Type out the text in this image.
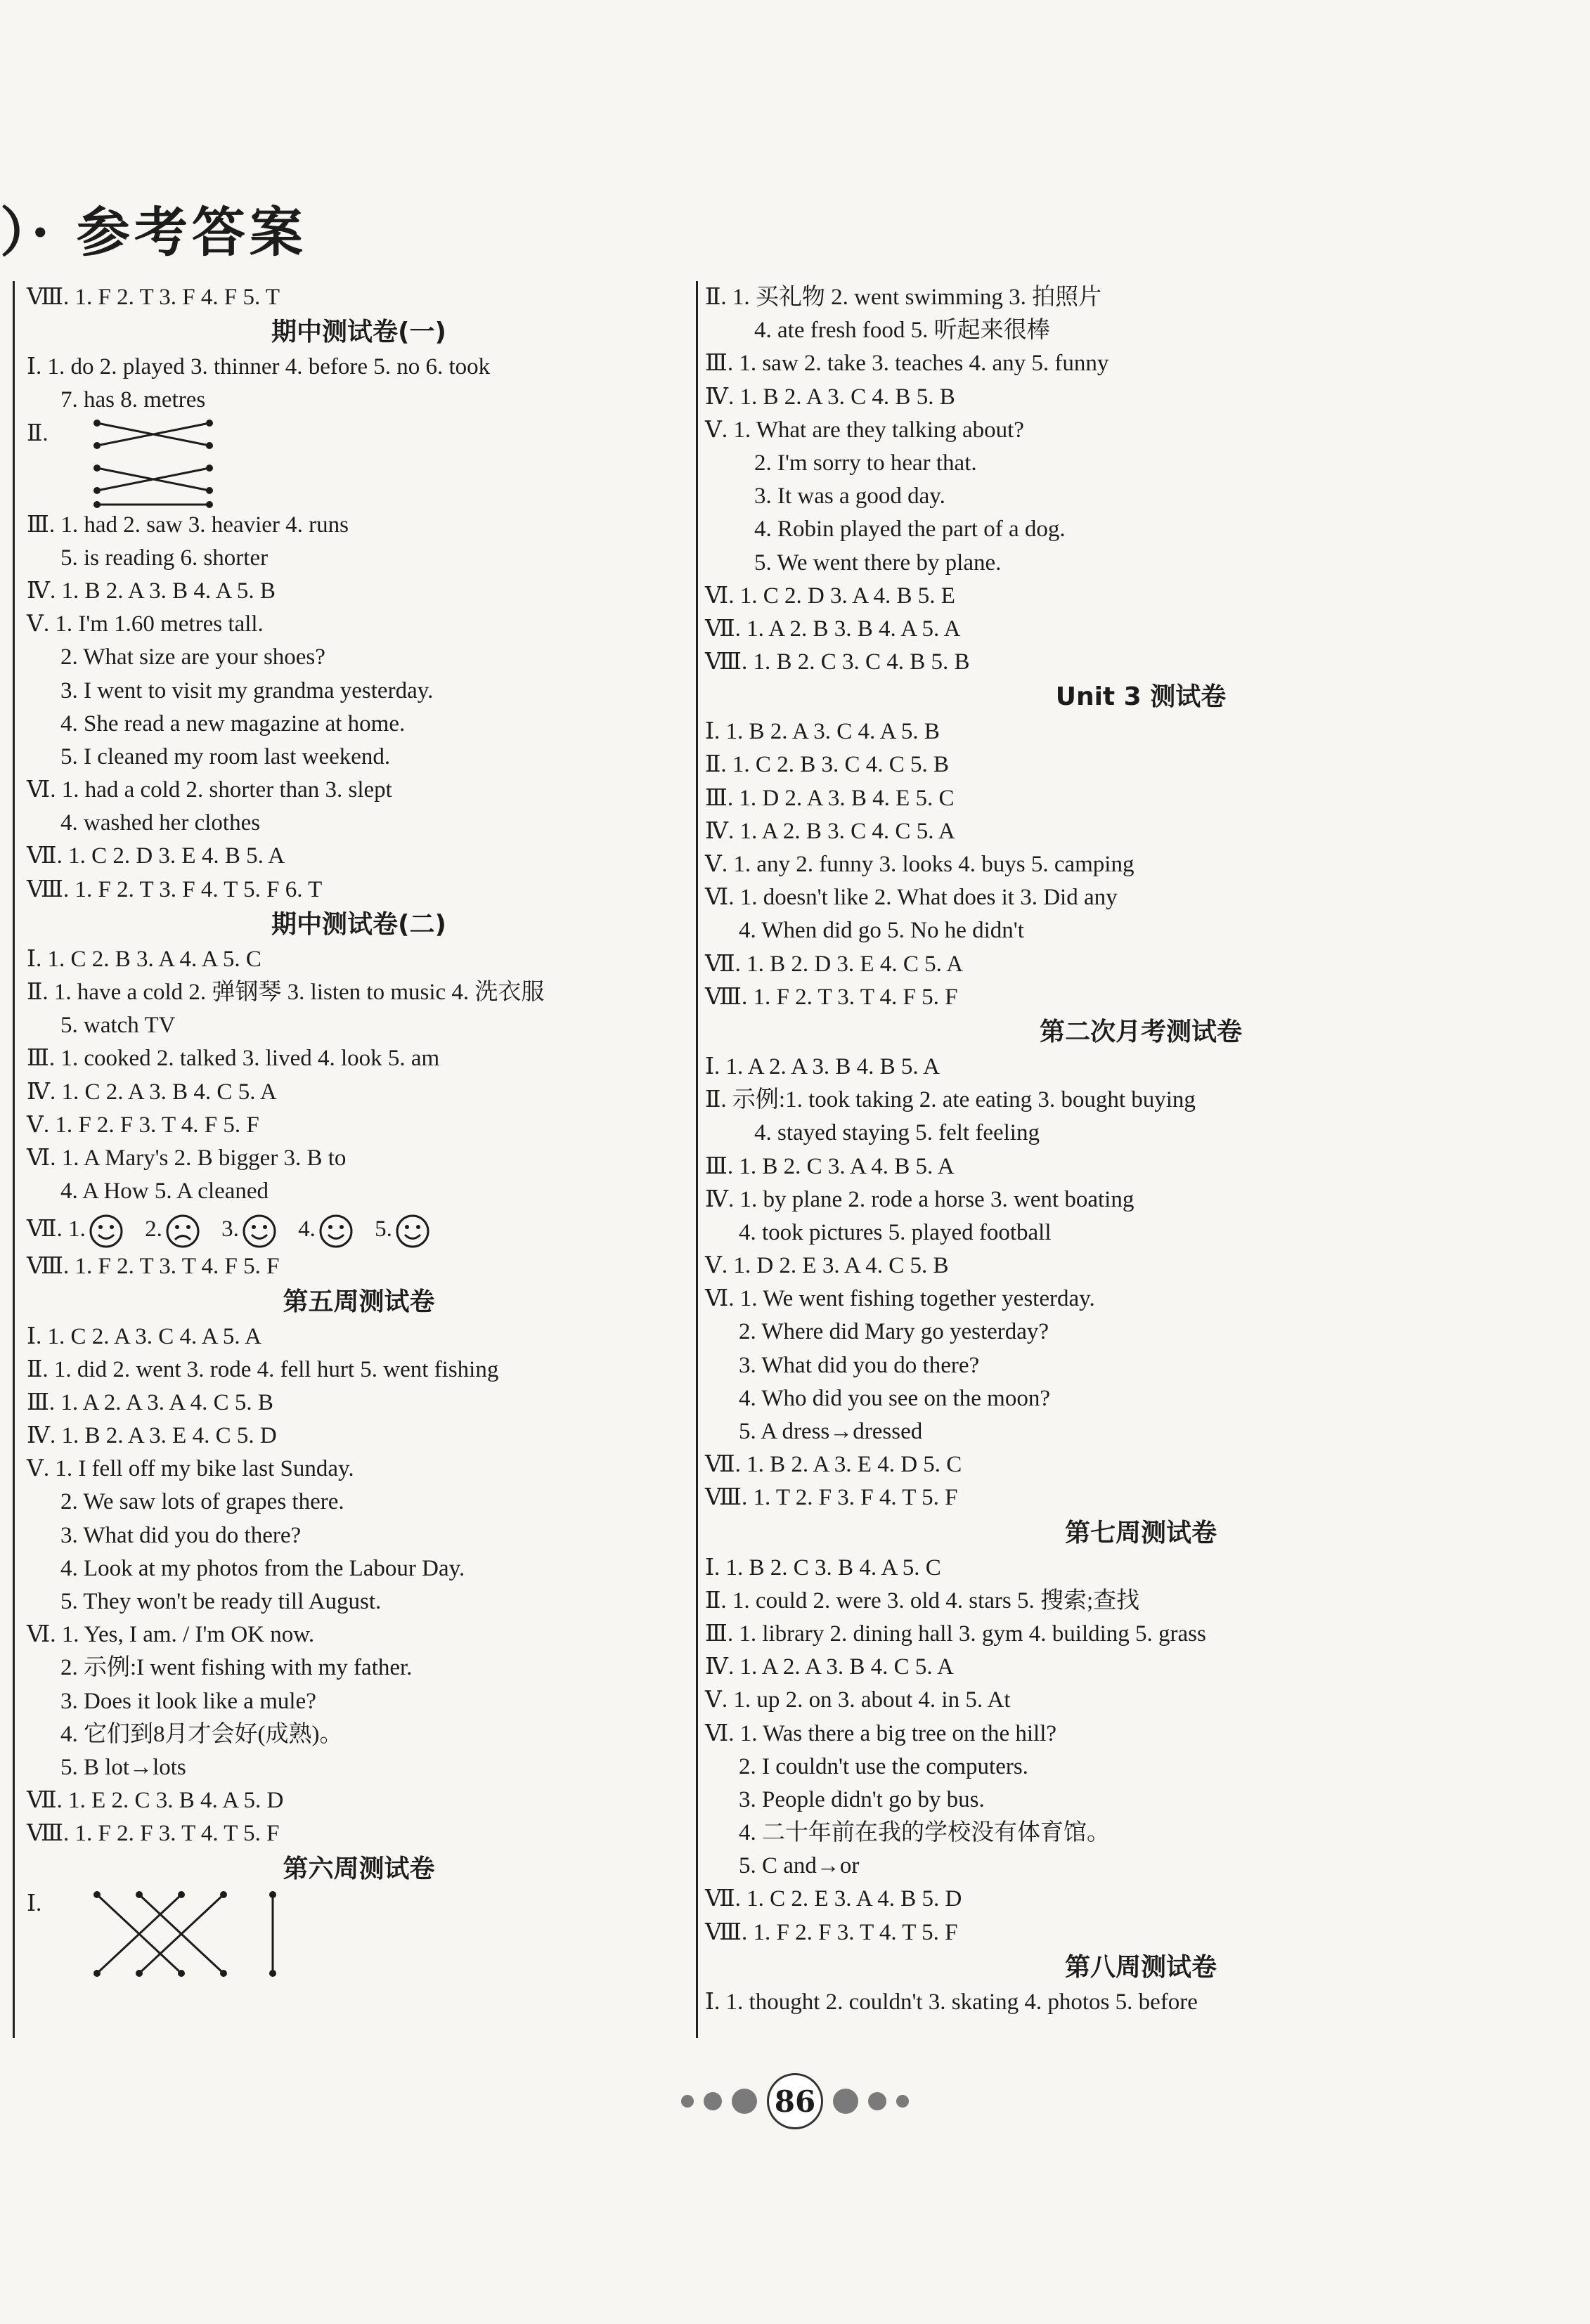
）· 参考答案
Ⅷ. 1. F 2. T 3. F 4. F 5. T
期中测试卷(一)
Ⅰ. 1. do 2. played 3. thinner 4. before 5. no 6. took
7. has 8. metres
Ⅱ.
Ⅲ. 1. had 2. saw 3. heavier 4. runs
5. is reading 6. shorter
Ⅳ. 1. B 2. A 3. B 4. A 5. B
Ⅴ. 1. I'm 1.60 metres tall.
2. What size are your shoes?
3. I went to visit my grandma yesterday.
4. She read a new magazine at home.
5. I cleaned my room last weekend.
Ⅵ. 1. had a cold 2. shorter than 3. slept
4. washed her clothes
Ⅶ. 1. C 2. D 3. E 4. B 5. A
Ⅷ. 1. F 2. T 3. F 4. T 5. F 6. T
期中测试卷(二)
Ⅰ. 1. C 2. B 3. A 4. A 5. C
Ⅱ. 1. have a cold 2. 弹钢琴 3. listen to music 4. 洗衣服
5. watch TV
Ⅲ. 1. cooked 2. talked 3. lived 4. look 5. am
Ⅳ. 1. C 2. A 3. B 4. C 5. A
Ⅴ. 1. F 2. F 3. T 4. F 5. F
Ⅵ. 1. A Mary's 2. B bigger 3. B to
4. A How 5. A cleaned
Ⅶ. 1.	2.	3.	4.	5.
Ⅷ. 1. F 2. T 3. T 4. F 5. F
第五周测试卷
Ⅰ. 1. C 2. A 3. C 4. A 5. A
Ⅱ. 1. did 2. went 3. rode 4. fell hurt 5. went fishing
Ⅲ. 1. A 2. A 3. A 4. C 5. B
Ⅳ. 1. B 2. A 3. E 4. C 5. D
Ⅴ. 1. I fell off my bike last Sunday.
2. We saw lots of grapes there.
3. What did you do there?
4. Look at my photos from the Labour Day.
5. They won't be ready till August.
Ⅵ. 1. Yes, I am. / I'm OK now.
2. 示例:I went fishing with my father.
3. Does it look like a mule?
4. 它们到8月才会好(成熟)。
5. B lot→lots
Ⅶ. 1. E 2. C 3. B 4. A 5. D
Ⅷ. 1. F 2. F 3. T 4. T 5. F
第六周测试卷
Ⅰ.
Ⅱ. 1. 买礼物 2. went swimming 3. 拍照片
4. ate fresh food 5. 听起来很棒
Ⅲ. 1. saw 2. take 3. teaches 4. any 5. funny
Ⅳ. 1. B 2. A 3. C 4. B 5. B
Ⅴ. 1. What are they talking about?
2. I'm sorry to hear that.
3. It was a good day.
4. Robin played the part of a dog.
5. We went there by plane.
Ⅵ. 1. C 2. D 3. A 4. B 5. E
Ⅶ. 1. A 2. B 3. B 4. A 5. A
Ⅷ. 1. B 2. C 3. C 4. B 5. B
Unit 3 测试卷
Ⅰ. 1. B 2. A 3. C 4. A 5. B
Ⅱ. 1. C 2. B 3. C 4. C 5. B
Ⅲ. 1. D 2. A 3. B 4. E 5. C
Ⅳ. 1. A 2. B 3. C 4. C 5. A
Ⅴ. 1. any 2. funny 3. looks 4. buys 5. camping
Ⅵ. 1. doesn't like 2. What does it 3. Did any
4. When did go 5. No he didn't
Ⅶ. 1. B 2. D 3. E 4. C 5. A
Ⅷ. 1. F 2. T 3. T 4. F 5. F
第二次月考测试卷
Ⅰ. 1. A 2. A 3. B 4. B 5. A
Ⅱ. 示例:1. took taking 2. ate eating 3. bought buying
4. stayed staying 5. felt feeling
Ⅲ. 1. B 2. C 3. A 4. B 5. A
Ⅳ. 1. by plane 2. rode a horse 3. went boating
4. took pictures 5. played football
Ⅴ. 1. D 2. E 3. A 4. C 5. B
Ⅵ. 1. We went fishing together yesterday.
2. Where did Mary go yesterday?
3. What did you do there?
4. Who did you see on the moon?
5. A dress→dressed
Ⅶ. 1. B 2. A 3. E 4. D 5. C
Ⅷ. 1. T 2. F 3. F 4. T 5. F
第七周测试卷
Ⅰ. 1. B 2. C 3. B 4. A 5. C
Ⅱ. 1. could 2. were 3. old 4. stars 5. 搜索;查找
Ⅲ. 1. library 2. dining hall 3. gym 4. building 5. grass
Ⅳ. 1. A 2. A 3. B 4. C 5. A
Ⅴ. 1. up 2. on 3. about 4. in 5. At
Ⅵ. 1. Was there a big tree on the hill?
2. I couldn't use the computers.
3. People didn't go by bus.
4. 二十年前在我的学校没有体育馆。
5. C and→or
Ⅶ. 1. C 2. E 3. A 4. B 5. D
Ⅷ. 1. F 2. F 3. T 4. T 5. F
第八周测试卷
Ⅰ. 1. thought 2. couldn't 3. skating 4. photos 5. before
86
